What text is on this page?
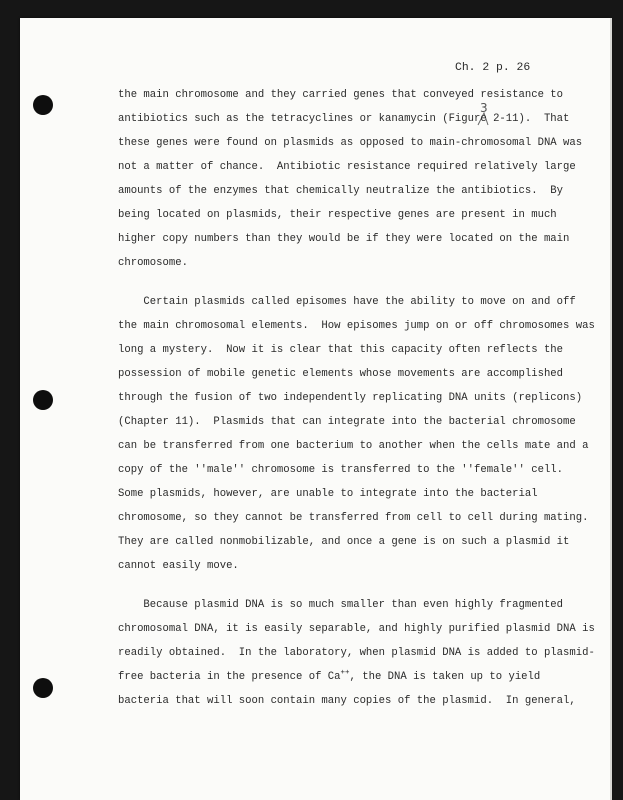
Ch. 2 p. 26
3
the main chromosome and they carried genes that conveyed resistance to
antibiotics such as the tetracyclines or kanamycin (Figure 2-11).  That
these genes were found on plasmids as opposed to main-chromosomal DNA was
not a matter of chance.  Antibiotic resistance required relatively large
amounts of the enzymes that chemically neutralize the antibiotics.  By
being located on plasmids, their respective genes are present in much
higher copy numbers than they would be if they were located on the main
chromosome.
Certain plasmids called episomes have the ability to move on and off
the main chromosomal elements.  How episomes jump on or off chromosomes was
long a mystery.  Now it is clear that this capacity often reflects the
possession of mobile genetic elements whose movements are accomplished
through the fusion of two independently replicating DNA units (replicons)
(Chapter 11).  Plasmids that can integrate into the bacterial chromosome
can be transferred from one bacterium to another when the cells mate and a
copy of the ''male'' chromosome is transferred to the ''female'' cell.
Some plasmids, however, are unable to integrate into the bacterial
chromosome, so they cannot be transferred from cell to cell during mating.
They are called nonmobilizable, and once a gene is on such a plasmid it
cannot easily move.
Because plasmid DNA is so much smaller than even highly fragmented
chromosomal DNA, it is easily separable, and highly purified plasmid DNA is
readily obtained.  In the laboratory, when plasmid DNA is added to plasmid-
free bacteria in the presence of Ca++, the DNA is taken up to yield
bacteria that will soon contain many copies of the plasmid.  In general,
